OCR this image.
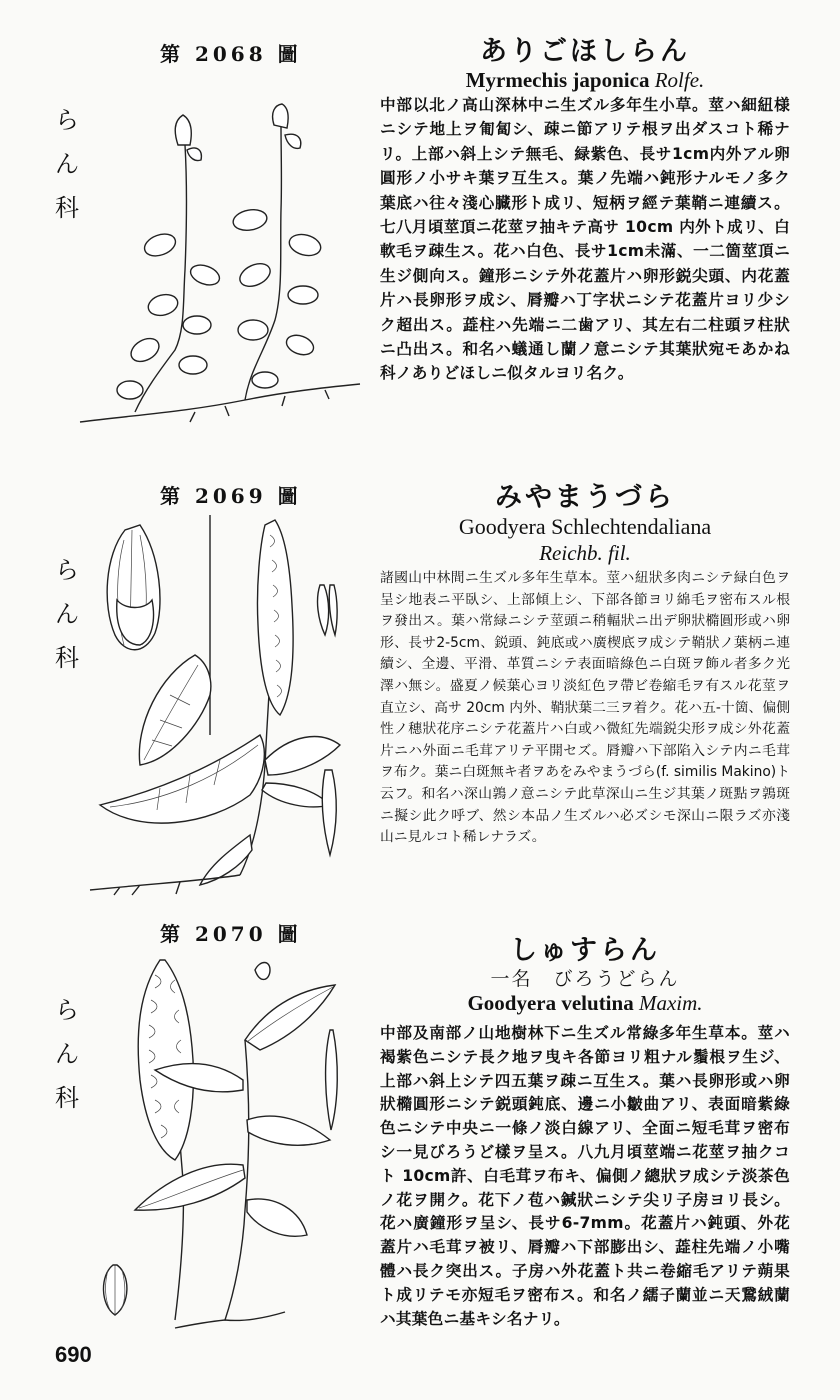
第 2068 圖
ら
ん
科
ありごほしらん
Myrmechis japonica Rolfe.
中部以北ノ高山深林中ニ生ズル多年生小草。莖ハ細紐様ニシテ地上ヲ匍匐シ、疎ニ節アリテ根ヲ出ダスコト稀ナリ。上部ハ斜上シテ無毛、緑紫色、長サ1cm内外アル卵圓形ノ小サキ葉ヲ互生ス。葉ノ先端ハ鈍形ナルモノ多ク葉底ハ往々淺心臓形ト成リ、短柄ヲ經テ葉鞘ニ連續ス。七八月頃莖頂ニ花莖ヲ抽キテ高サ 10cm 内外ト成リ、白軟毛ヲ疎生ス。花ハ白色、長サ1cm未滿、一二箇莖頂ニ生ジ側向ス。鐘形ニシテ外花蓋片ハ卵形鋭尖頭、内花蓋片ハ長卵形ヲ成シ、脣瓣ハ丁字状ニシテ花蓋片ヨリ少シク超出ス。蕋柱ハ先端ニ二歯アリ、其左右二柱頭ヲ柱狀ニ凸出ス。和名ハ蟻通し蘭ノ意ニシテ其葉狀宛モあかね科ノありどほしニ似タルヨリ名ク。
第 2069 圖
ら
ん
科
みやまうづら
Goodyera Schlechtendaliana
Reichb. fil.
諸國山中林間ニ生ズル多年生草本。莖ハ紐狀多肉ニシテ緑白色ヲ呈シ地表ニ平臥シ、上部傾上シ、下部各節ヨリ綿毛ヲ密布スル根ヲ發出ス。葉ハ常緑ニシテ莖頭ニ稍輻狀ニ出デ卵狀橢圓形或ハ卵形、長サ2-5cm、鋭頭、鈍底或ハ廣楔底ヲ成シテ鞘狀ノ葉柄ニ連續シ、全邊、平滑、革質ニシテ表面暗綠色ニ白斑ヲ飾ル者多ク光澤ハ無シ。盛夏ノ候葉心ヨリ淡紅色ヲ帶ビ卷縮毛ヲ有スル花莖ヲ直立シ、高サ 20cm 内外、鞘狀葉二三ヲ着ク。花ハ五-十箇、偏側性ノ穗狀花序ニシテ花蓋片ハ白或ハ微紅先端鋭尖形ヲ成シ外花蓋片ニハ外面ニ毛茸アリテ平開セズ。脣瓣ハ下部陷入シテ内ニ毛茸ヲ布ク。葉ニ白斑無キ者ヲあをみやまうづら(f. similis Makino)ト云フ。和名ハ深山鶉ノ意ニシテ此草深山ニ生ジ其葉ノ斑點ヲ鶉斑ニ擬シ此ク呼ブ、然シ本品ノ生ズルハ必ズシモ深山ニ限ラズ亦淺山ニ見ルコト稀レナラズ。
第 2070 圖
ら
ん
科
しゅすらん
一名　びろうどらん
Goodyera velutina Maxim.
中部及南部ノ山地樹林下ニ生ズル常綠多年生草本。莖ハ褐紫色ニシテ長ク地ヲ曳キ各節ヨリ粗ナル鬚根ヲ生ジ、上部ハ斜上シテ四五葉ヲ疎ニ互生ス。葉ハ長卵形或ハ卵狀橢圓形ニシテ鋭頭鈍底、邊ニ小皺曲アリ、表面暗紫綠色ニシテ中央ニ一條ノ淡白線アリ、全面ニ短毛茸ヲ密布シ一見びろうど樣ヲ呈ス。八九月頃莖端ニ花莖ヲ抽クコト 10cm許、白毛茸ヲ布キ、偏側ノ總狀ヲ成シテ淡茶色ノ花ヲ開ク。花下ノ苞ハ鍼狀ニシテ尖リ子房ヨリ長シ。花ハ廣鐘形ヲ呈シ、長サ6-7mm。花蓋片ハ鈍頭、外花蓋片ハ毛茸ヲ被リ、脣瓣ハ下部膨出シ、蕋柱先端ノ小嘴體ハ長ク突出ス。子房ハ外花蓋ト共ニ卷縮毛アリテ蒴果ト成リテモ亦短毛ヲ密布ス。和名ノ繻子蘭並ニ天鵞絨蘭ハ其葉色ニ基キシ名ナリ。
690
